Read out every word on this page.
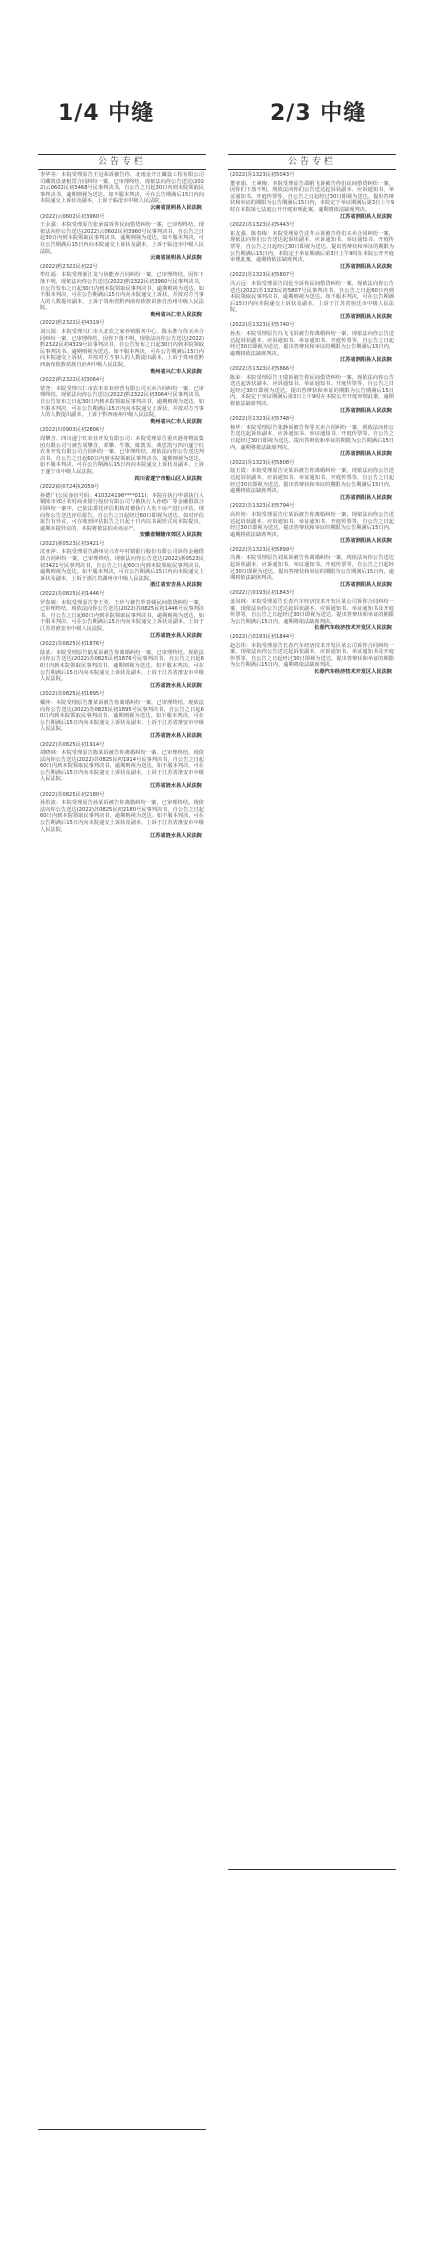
1/4 中缝	2/3 中缝
公告专栏
李华等：本院受理原告王冠荣诉被告你、北雨金介江藏设工程有限公司司藏筑设备租赁合同纠纷一案，已审理终结。现依法向你公告送达(2022)云0602民初3468号民事判决书，自公告之日起30日内到本院领取民事判决书，逾期则视为送达。如不服本判决，可在公告期满后15日内向本院递交上诉状及副本，上诉于临沧市中级人民法院。
云南省昆明县人民法院
(2022)云0602民初3960号
王永强：本院受理原告张承富诉你民间借贷纠纷一案，已审理终结。现依法向你公告送达(2022)云0602民初3960号民事判决书，自公告之日起30日内到本院领取民事判决书，逾期则视为送达。如不服本判决，可在公告期满后15日内向本院递交上诉状及副本，上诉于临沧市中级人民法院。
云南省昆明县人民法院
(2022)黔2322民初22号
牟红福：本院受理浙江龙与协能养合同纠纷一案，已审理终结。因你下落不明，现依法向你公告送达(2022)黔2322民初3960号民事判决书，自公告发布之日起30日内到本院领取民事判决书，逾期则视为送达。如不服本判决，可在公告期满后15日内向本院递交上诉状，并按对方当事人的人数提出副本，上诉于贵州省黔西南布依族苗族自治州中级人民法院。
贵州省兴仁市人民法院
(2022)黔2322民初4319号
刘兴圆：本院受理兴仁市大北农之家养殖服务中心、陈永胜与你买卖合同纠纷一案，已审理终结。因你下落不明，现依法向你公告送达(2022)黔2322民初4319号民事判决书，自公告发布之日起30日内到本院领取民事判决书，逾期则视为送达。如不服本判决，可在公告期满后15日内向本院递交上诉状，并按对方当事人的人数提出副本，上诉于贵州省黔西南布依族苗族自治州中级人民法院。
贵州省兴仁市人民法院
(2022)黔2322民初3064号
蒙登：本院受理兴仁市农本农业经营有限公司买卖合同纠纷一案，已审理终结。现依法向你公告送达(2022)黔2322民初3064号民事判决书，自公告发布之日起30日内到本院领取民事判决书，逾期则视为送达。如不服本判决，可在公告期满后15日内向本院递交上诉状，并按对方当事人的人数提出副本，上诉于黔西南州中级人民法院。
贵州省兴仁市人民法院
(2022)川0903民初2806号
周攀含、四川遂宁红农业开发有限公司：本院受理原告重庆港务物流集团有限公司与被告周攀含、邓攀、牛歌，陈凯雯、黄思凯与四川遂宁红农业开发有限公司合同纠纷一案，已审理终结。现依法向你公告送达判决书，自公告之日起60日内到本院领取民事判决书，逾期则视为送达。如不服本判决，可在公告期满后15日内向本院递交上诉状及副本，上诉于遂宁市中级人民法院。
四川省遂宁市船山区人民法院
(2022)皖0724执2059号
孙德广(公民身份号码：410324196****011)：本院在执行申请执行人铜陵市郊区农村商业银行股份有限公司与被执行人孙德广等金融借款合同纠纷一案中，已依法委托评估机构对被执行人名下房产进行评估，现向你公告送达评估报告。自公告之日起经过60日即视为送达。如对评估报告有异议，可在收到评估报告之日起十日内以书面形式向本院提出。逾期未提异议的，本院将依法拍卖该房产。
安徽省铜陵市郊区人民法院
(2022)浙0523民初3421号
沈亚萍：本院受理原告湖州吴兴青年村镇银行股份有限公司诉你金融借款合同纠纷一案，已审理终结。现依法向你公告送达(2022)浙0523民初3421号民事判决书，自公告之日起60日内到本院领取民事判决书，逾期则视为送达。如不服本判决，可在公告期满后15日内向本院递交上诉状及副本，上诉于浙江省湖州市中级人民法院。
浙江省安吉县人民法院
(2022)苏0825民初1446号
罗春娣：本院受理原告李王英、王珍与被告罗春娣民间借贷纠纷一案，已审理终结。现依法向你公告送达(2022)苏0825民初1446号民事判决书，自公告之日起60日内到本院领取民事判决书，逾期则视为送达。如不服本判决，可在公告期满后15日内向本院递交上诉状及副本，上诉于江苏省淮安市中级人民法院。
江苏省涟水县人民法院
(2022)苏0825民初1876号
陆某：本院受理原告陆某诉被告你离婚纠纷一案，已审理终结。现依法向你公告送达(2022)苏0825民初1876号民事判决书，自公告之日起60日内到本院领取民事判决书，逾期则视为送达。如不服本判决，可在公告期满后15日内向本院递交上诉状及副本，上诉于江苏省淮安市中级人民法院。
江苏省涟水县人民法院
(2022)苏0825民初1895号
戴萍：本院受理原告董某诉被告你离婚纠纷一案，已审理终结。现依法向你公告送达(2022)苏0825民初1895号民事判决书，自公告之日起60日内到本院领取民事判决书，逾期则视为送达。如不服本判决，可在公告期满后15日内向本院递交上诉状及副本，上诉于江苏省淮安市中级人民法院。
江苏省涟水县人民法院
(2022)苏0825民初1914号
胡晓林：本院受理原告陈某诉被告你离婚纠纷一案，已审理终结。现依法向你公告送达(2022)苏0825民初1914号民事判决书，自公告之日起60日内到本院领取民事判决书，逾期则视为送达。如不服本判决，可在公告期满后15日内向本院递交上诉状及副本，上诉于江苏省淮安市中级人民法院。
江苏省涟水县人民法院
(2022)苏0825民初2180号
孙洪波：本院受理原告孙某诉被告你离婚纠纷一案，已审理终结。现依法向你公告送达(2022)苏0825民初2180号民事判决书，自公告之日起60日内到本院领取民事判决书，逾期则视为送达。如不服本判决，可在公告期满后15日内向本院递交上诉状及副本，上诉于江苏省淮安市中级人民法院。
江苏省涟水县人民法院
公告专栏
(2022)苏1323民初5043号
董亚娟、王素梅：本院受理原告邵帆飞诉被告你们民间借贷纠纷一案，因你们下落不明，现依法向你们公告送达起诉状副本、应诉通知书、举证通知书、开庭传票等，自公告之日起经过30日即视为送达。提出答辩状和举证的期限为公告期满后15日内，本院定于举证期满后第3日上午9时在本院第七法庭公开开庭审理此案，逾期将依法缺席判决。
江苏省泗阳县人民法院
(2022)苏1323民初5443号
崔友强、陈春梅：本院受理原告沈冬云诉被告你们买卖合同纠纷一案，现依法向你们公告送达起诉状副本、应诉通知书、举证通知书、开庭传票等，自公告之日起经过30日即视为送达。提出答辩状和举证的期限为公告期满后15日内，本院定于举证期满后第3日上午9时在本院公开开庭审理此案，逾期将依法缺席判决。
江苏省泗阳县人民法院
(2022)苏1323民初5807号
冯云远：本院受理原告周化全诉你民间借贷纠纷一案，现依法向你公告送达(2022)苏1323民初5807号民事判决书，自公告之日起60日内到本院领取民事判决书，逾期则视为送达。如不服本判决，可在公告期满后15日内向本院递交上诉状及副本，上诉于江苏省宿迁市中级人民法院。
江苏省泗阳县人民法院
(2022)苏1323民初5740号
孙杰：本院受理原告冯飞飞诉被告你离婚纠纷一案，现依法向你公告送达起诉状副本、应诉通知书、举证通知书、开庭传票等，自公告之日起经过30日即视为送达。提出答辩状和举证的期限为公告期满后15日内，逾期将依法缺席判决。
江苏省泗阳县人民法院
(2022)苏1323民初5866号
陈荣：本院受理原告王瑞诉被告你民间借贷纠纷一案，现依法向你公告送达起诉状副本、应诉通知书、举证通知书、开庭传票等，自公告之日起经过30日即视为送达。提出答辩状和举证的期限为公告期满后15日内，本院定于举证期满后第3日上午9时在本院公开开庭审理此案，逾期将依法缺席判决。
江苏省泗阳县人民法院
(2022)苏1323民初5748号
杨华：本院受理原告张静诉被告你等买卖合同纠纷一案，现依法向你公告送达起诉状副本、应诉通知书、举证通知书、开庭传票等，自公告之日起经过30日即视为送达。提出答辩状和举证的期限为公告期满后15日内，逾期将依法缺席判决。
江苏省泗阳县人民法院
(2022)苏1323民初5808号
陆玉霞：本院受理原告吴某诉被告你离婚纠纷一案，现依法向你公告送达起诉状副本、应诉通知书、举证通知书、开庭传票等，自公告之日起经过30日即视为送达。提出答辩状和举证的期限为公告期满后15日内，逾期将依法缺席判决。
江苏省泗阳县人民法院
(2022)苏1323民初5794号
高传艳：本院受理原告庄某诉被告你离婚纠纷一案，现依法向你公告送达起诉状副本、应诉通知书、举证通知书、开庭传票等，自公告之日起经过30日即视为送达。提出答辩状和举证的期限为公告期满后15日内，逾期将依法缺席判决。
江苏省泗阳县人民法院
(2022)苏1323民初5899号
冯典：本院受理原告刘某诉被告你离婚纠纷一案，现依法向你公告送达起诉状副本、应诉通知书、举证通知书、开庭传票等，自公告之日起经过30日即视为送达。提出答辩状和举证的期限为公告期满后15日内，逾期将依法缺席判决。
江苏省泗阳县人民法院
(2022)吉0193民初1843号
姜凤林：本院受理原告长春汽车经济技术开发区某公司诉你合同纠纷一案，现依法向你公告送达起诉状副本、应诉通知书、举证通知书及开庭传票等，自公告之日起经过30日即视为送达。提出答辩状和举证的期限为公告期满后15日内，逾期将依法缺席判决。
长春汽车经济技术开发区人民法院
(2022)吉0193民初1844号
赵志伟：本院受理原告长春汽车经济技术开发区某公司诉你合同纠纷一案，现依法向你公告送达起诉状副本、应诉通知书、举证通知书及开庭传票等，自公告之日起经过30日即视为送达。提出答辩状和举证的期限为公告期满后15日内，逾期将依法缺席判决。
长春汽车经济技术开发区人民法院
